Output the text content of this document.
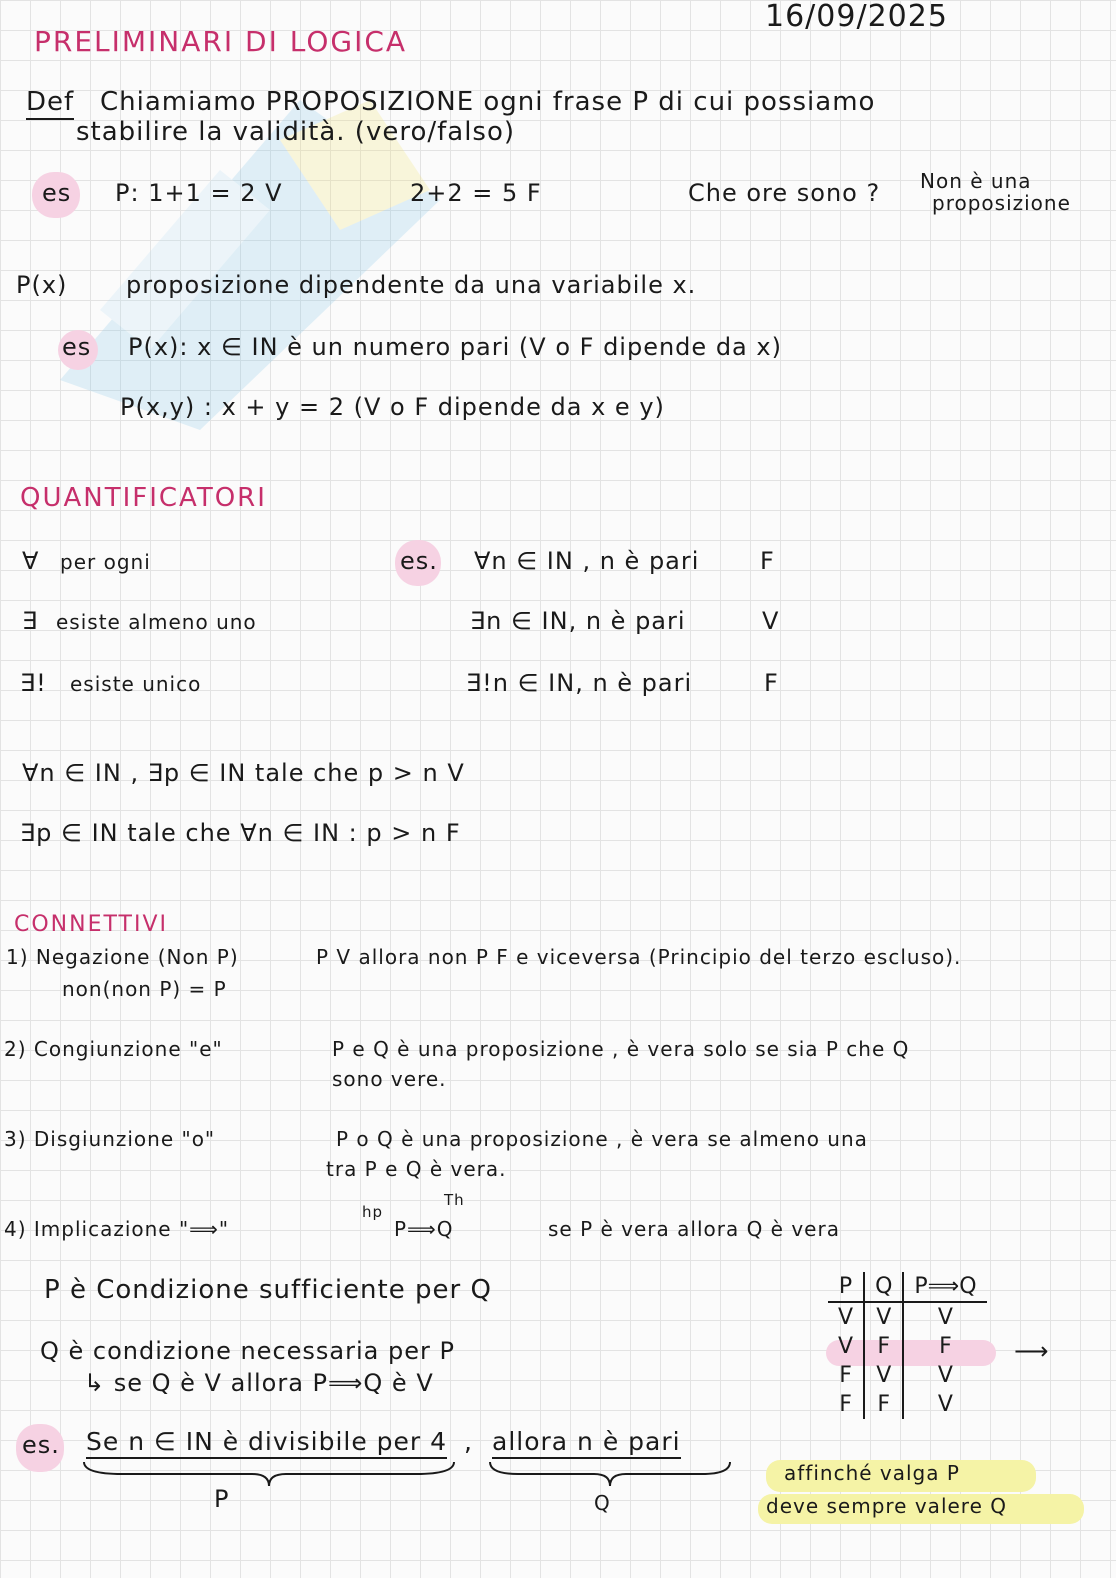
16/09/2025
PRELIMINARI DI LOGICA
Def Chiamiamo PROPOSIZIONE ogni frase P di cui possiamo
stabilire la validità. (vero/falso)
es P: 1+1 = 2 V	2+2 = 5 F	Che ore sono ? Non è una
proposizione
P(x) proposizione dipendente da una variabile x.
es P(x): x ∈ IN è un numero pari (V o F dipende da x)
P(x,y) : x + y = 2 (V o F dipende da x e y)
QUANTIFICATORI
∀ per ogni	es. ∀n ∈ IN , n è pari	F
∃ esiste almeno uno	∃n ∈ IN, n è pari	V
∃! esiste unico	∃!n ∈ IN, n è pari	F
∀n ∈ IN , ∃p ∈ IN tale che p > n V
∃p ∈ IN tale che ∀n ∈ IN : p > n F
CONNETTIVI
1) Negazione (Non P)	P V allora non P F e viceversa (Principio del terzo escluso).
non(non P) = P
2) Congiunzione "e"	P e Q è una proposizione , è vera solo se sia P che Q
sono vere.
3) Disgiunzione "o"	P o Q è una proposizione , è vera se almeno una
tra P e Q è vera.
4) Implicazione "⟹"
hp
Th
P⟹Q	se P è vera allora Q è vera
P è Condizione sufficiente per Q
Q è condizione necessaria per P
↳ se Q è V allora P⟹Q è V
P	Q	P⟹Q
V	V	V
V	F	F
F	V	V
F	F	V
⟶
es. Se n ∈ IN è divisibile per 4 , allora n è pari
P	Q
affinché valga P
deve sempre valere Q
